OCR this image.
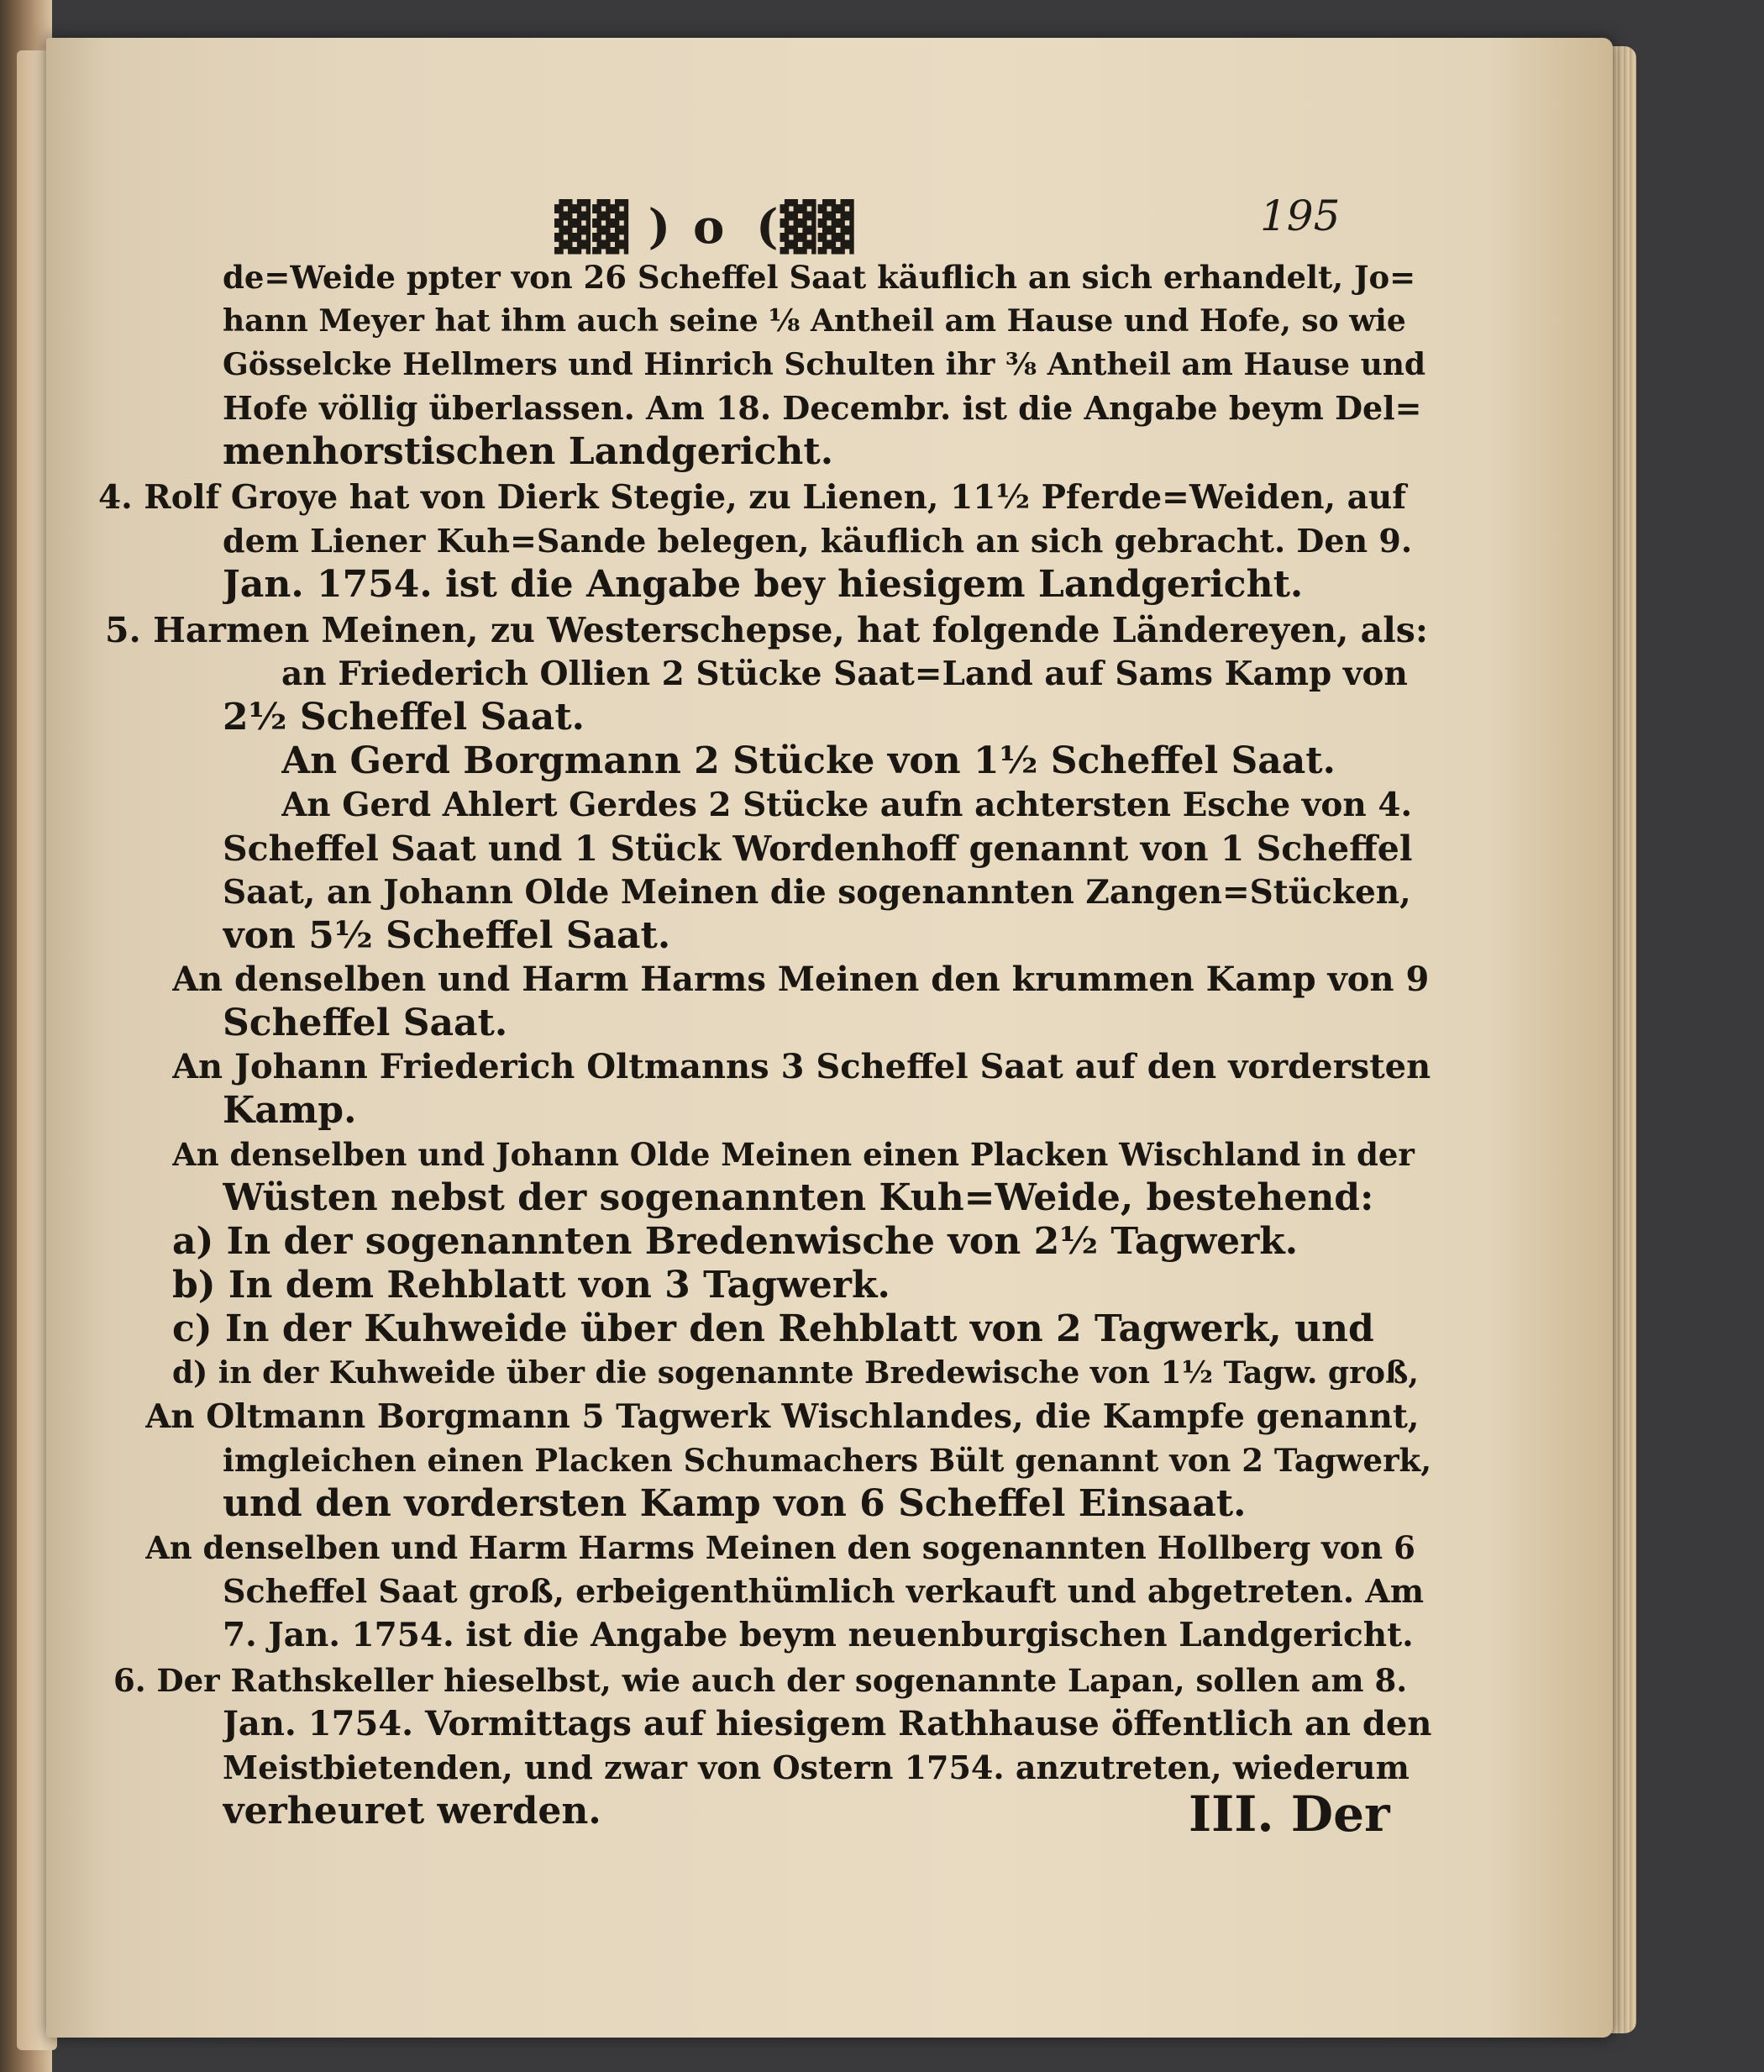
▓▓ ) o (▓▓	195
de=Weide ppter von 26 Scheffel Saat käuflich an sich erhandelt, Jo=
hann Meyer hat ihm auch seine ⅛ Antheil am Hause und Hofe, so wie
Gösselcke Hellmers und Hinrich Schulten ihr ⅜ Antheil am Hause und
Hofe völlig überlassen. Am 18. Decembr. ist die Angabe beym Del=
menhorstischen Landgericht.
4. Rolf Groye hat von Dierk Stegie, zu Lienen, 11½ Pferde=Weiden, auf
dem Liener Kuh=Sande belegen, käuflich an sich gebracht. Den 9.
Jan. 1754. ist die Angabe bey hiesigem Landgericht.
5. Harmen Meinen, zu Westerschepse, hat folgende Ländereyen, als:
an Friederich Ollien 2 Stücke Saat=Land auf Sams Kamp von
2½ Scheffel Saat.
An Gerd Borgmann 2 Stücke von 1½ Scheffel Saat.
An Gerd Ahlert Gerdes 2 Stücke aufn achtersten Esche von 4.
Scheffel Saat und 1 Stück Wordenhoff genannt von 1 Scheffel
Saat, an Johann Olde Meinen die sogenannten Zangen=Stücken,
von 5½ Scheffel Saat.
An denselben und Harm Harms Meinen den krummen Kamp von 9
Scheffel Saat.
An Johann Friederich Oltmanns 3 Scheffel Saat auf den vordersten
Kamp.
An denselben und Johann Olde Meinen einen Placken Wischland in der
Wüsten nebst der sogenannten Kuh=Weide, bestehend:
a) In der sogenannten Bredenwische von 2½ Tagwerk.
b) In dem Rehblatt von 3 Tagwerk.
c) In der Kuhweide über den Rehblatt von 2 Tagwerk, und
d) in der Kuhweide über die sogenannte Bredewische von 1½ Tagw. groß,
An Oltmann Borgmann 5 Tagwerk Wischlandes, die Kampfe genannt,
imgleichen einen Placken Schumachers Bült genannt von 2 Tagwerk,
und den vordersten Kamp von 6 Scheffel Einsaat.
An denselben und Harm Harms Meinen den sogenannten Hollberg von 6
Scheffel Saat groß, erbeigenthümlich verkauft und abgetreten. Am
7. Jan. 1754. ist die Angabe beym neuenburgischen Landgericht.
6. Der Rathskeller hieselbst, wie auch der sogenannte Lapan, sollen am 8.
Jan. 1754. Vormittags auf hiesigem Rathhause öffentlich an den
Meistbietenden, und zwar von Ostern 1754. anzutreten, wiederum
verheuret werden.	III. Der
